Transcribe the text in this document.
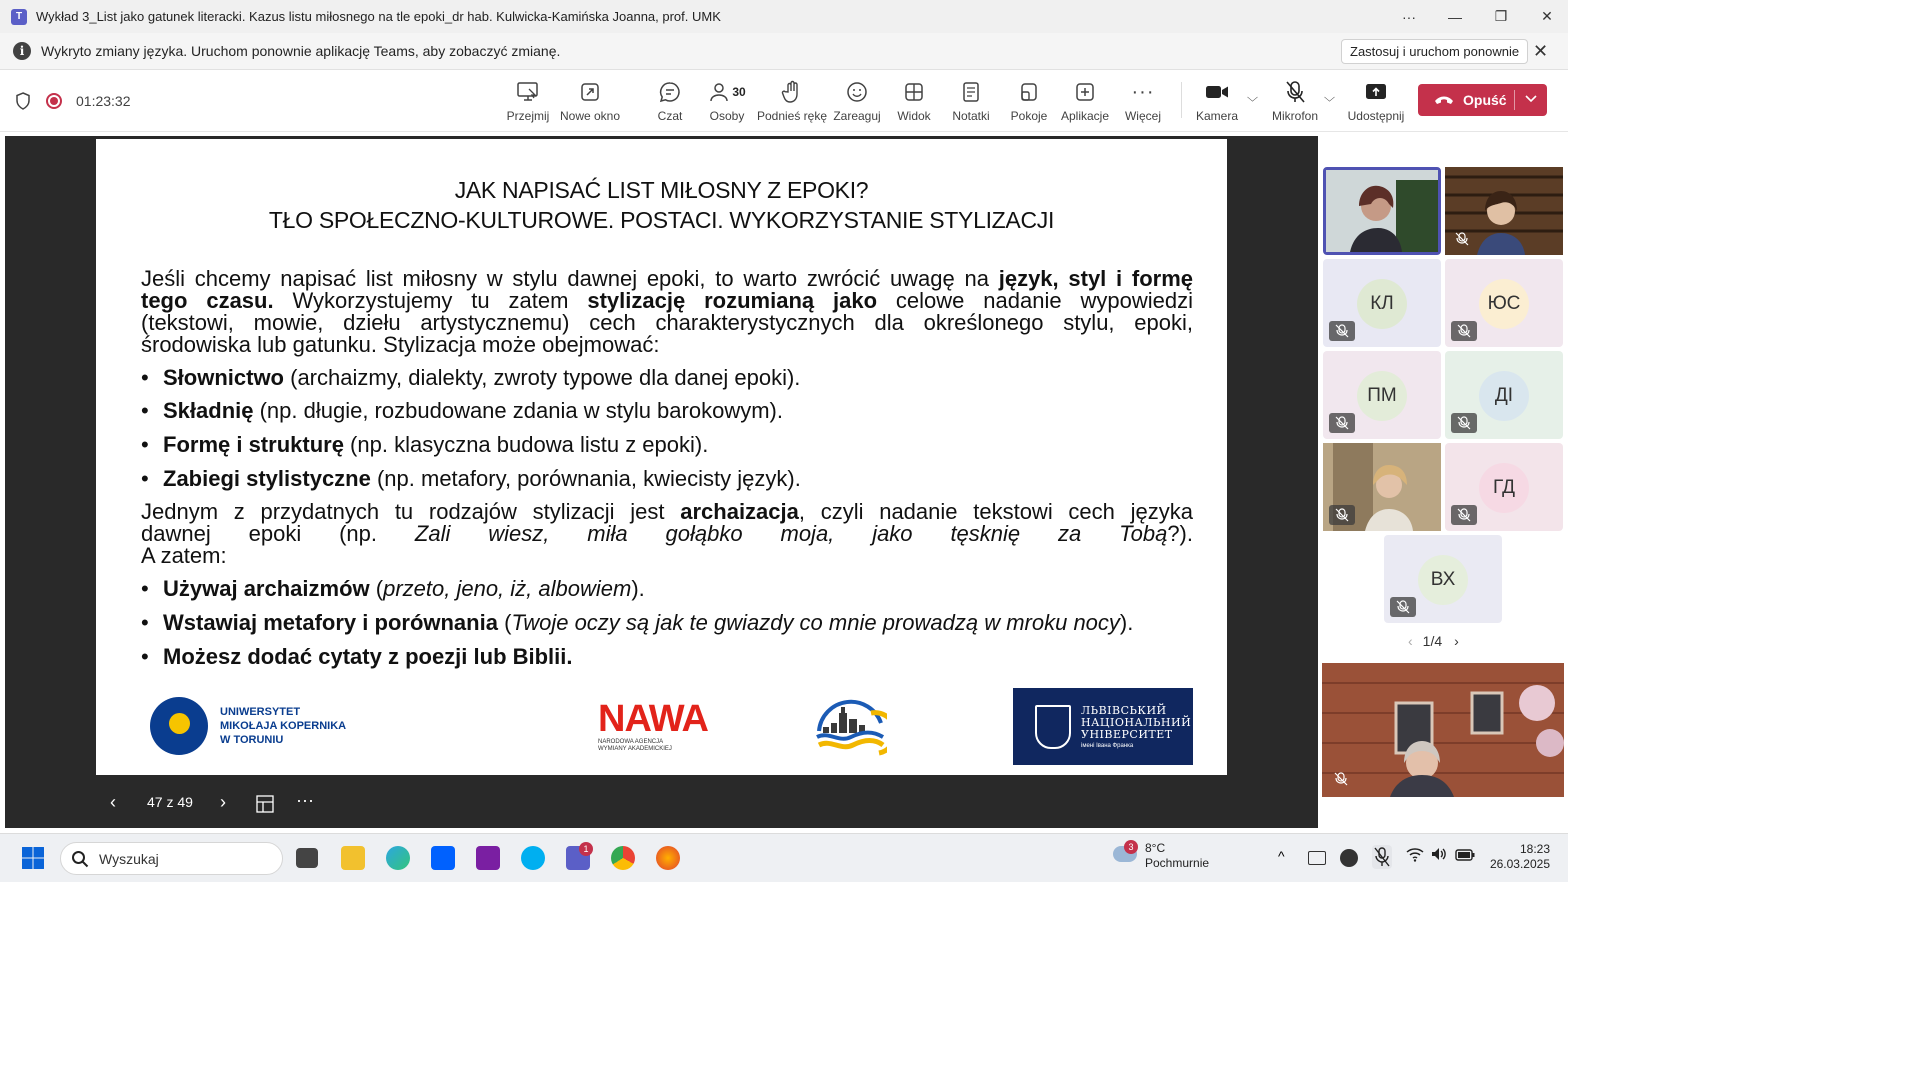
T	Wykład 3_List jako gatunek literacki. Kazus listu miłosnego na tle epoki_dr hab. Kulwicka-Kamińska Joanna, prof. UMK	···	—	❐	✕
i	Wykryto zmiany języka. Uruchom ponownie aplikację Teams, aby zobaczyć zmianę.	Zastosuj i uruchom ponownie ✕
01:23:32
Przejmij Nowe okno	Czat
30
Osoby Podnieś rękę Zareaguj Widok Notatki Pokoje Aplikacje
···
Więcej	Kamera
﹀
Mikrofon
﹀
Udostępnij
Opuść
JAK NAPISAĆ LIST MIŁOSNY Z EPOKI?
TŁO SPOŁECZNO-KULTUROWE. POSTACI. WYKORZYSTANIE STYLIZACJI
Jeśli chcemy napisać list miłosny w stylu dawnej epoki, to warto zwrócić uwagę na język, styl i formę
tego czasu. Wykorzystujemy tu zatem stylizację rozumianą jako celowe nadanie wypowiedzi
(tekstowi, mowie, dziełu artystycznemu) cech charakterystycznych dla określonego stylu, epoki,
środowiska lub gatunku. Stylizacja może obejmować:
• Słownictwo (archaizmy, dialekty, zwroty typowe dla danej epoki).
• Składnię (np. długie, rozbudowane zdania w stylu barokowym).
• Formę i strukturę (np. klasyczna budowa listu z epoki).
• Zabiegi stylistyczne (np. metafory, porównania, kwiecisty język).
Jednym z przydatnych tu rodzajów stylizacji jest archaizacja, czyli nadanie tekstowi cech języka
dawnej epoki (np. Zali wiesz, miła gołąbko moja, jako tęsknię za Tobą?).
A zatem:
• Używaj archaizmów (przeto, jeno, iż, albowiem).
• Wstawiaj metafory i porównania (Twoje oczy są jak te gwiazdy co mnie prowadzą w mroku nocy).
• Możesz dodać cytaty z poezji lub Biblii.
UNIWERSYTET
MIKOŁAJA KOPERNIKA
W TORUNIU	NAWA
NARODOWA AGENCJA
WYMIANY AKADEMICKIEJ
ЛЬВІВСЬКИЙ
НАЦІОНАЛЬНИЙ
УНІВЕРСИТЕТ
імені Івана Франка
‹ 47 z 49 ›	···
КЛ	ЮС
ПМ	ДІ
ГД
ВХ
‹ 1/4 ›
Wyszukaj
1	3 8°C
Pochmurnie	^	18:23
26.03.2025
